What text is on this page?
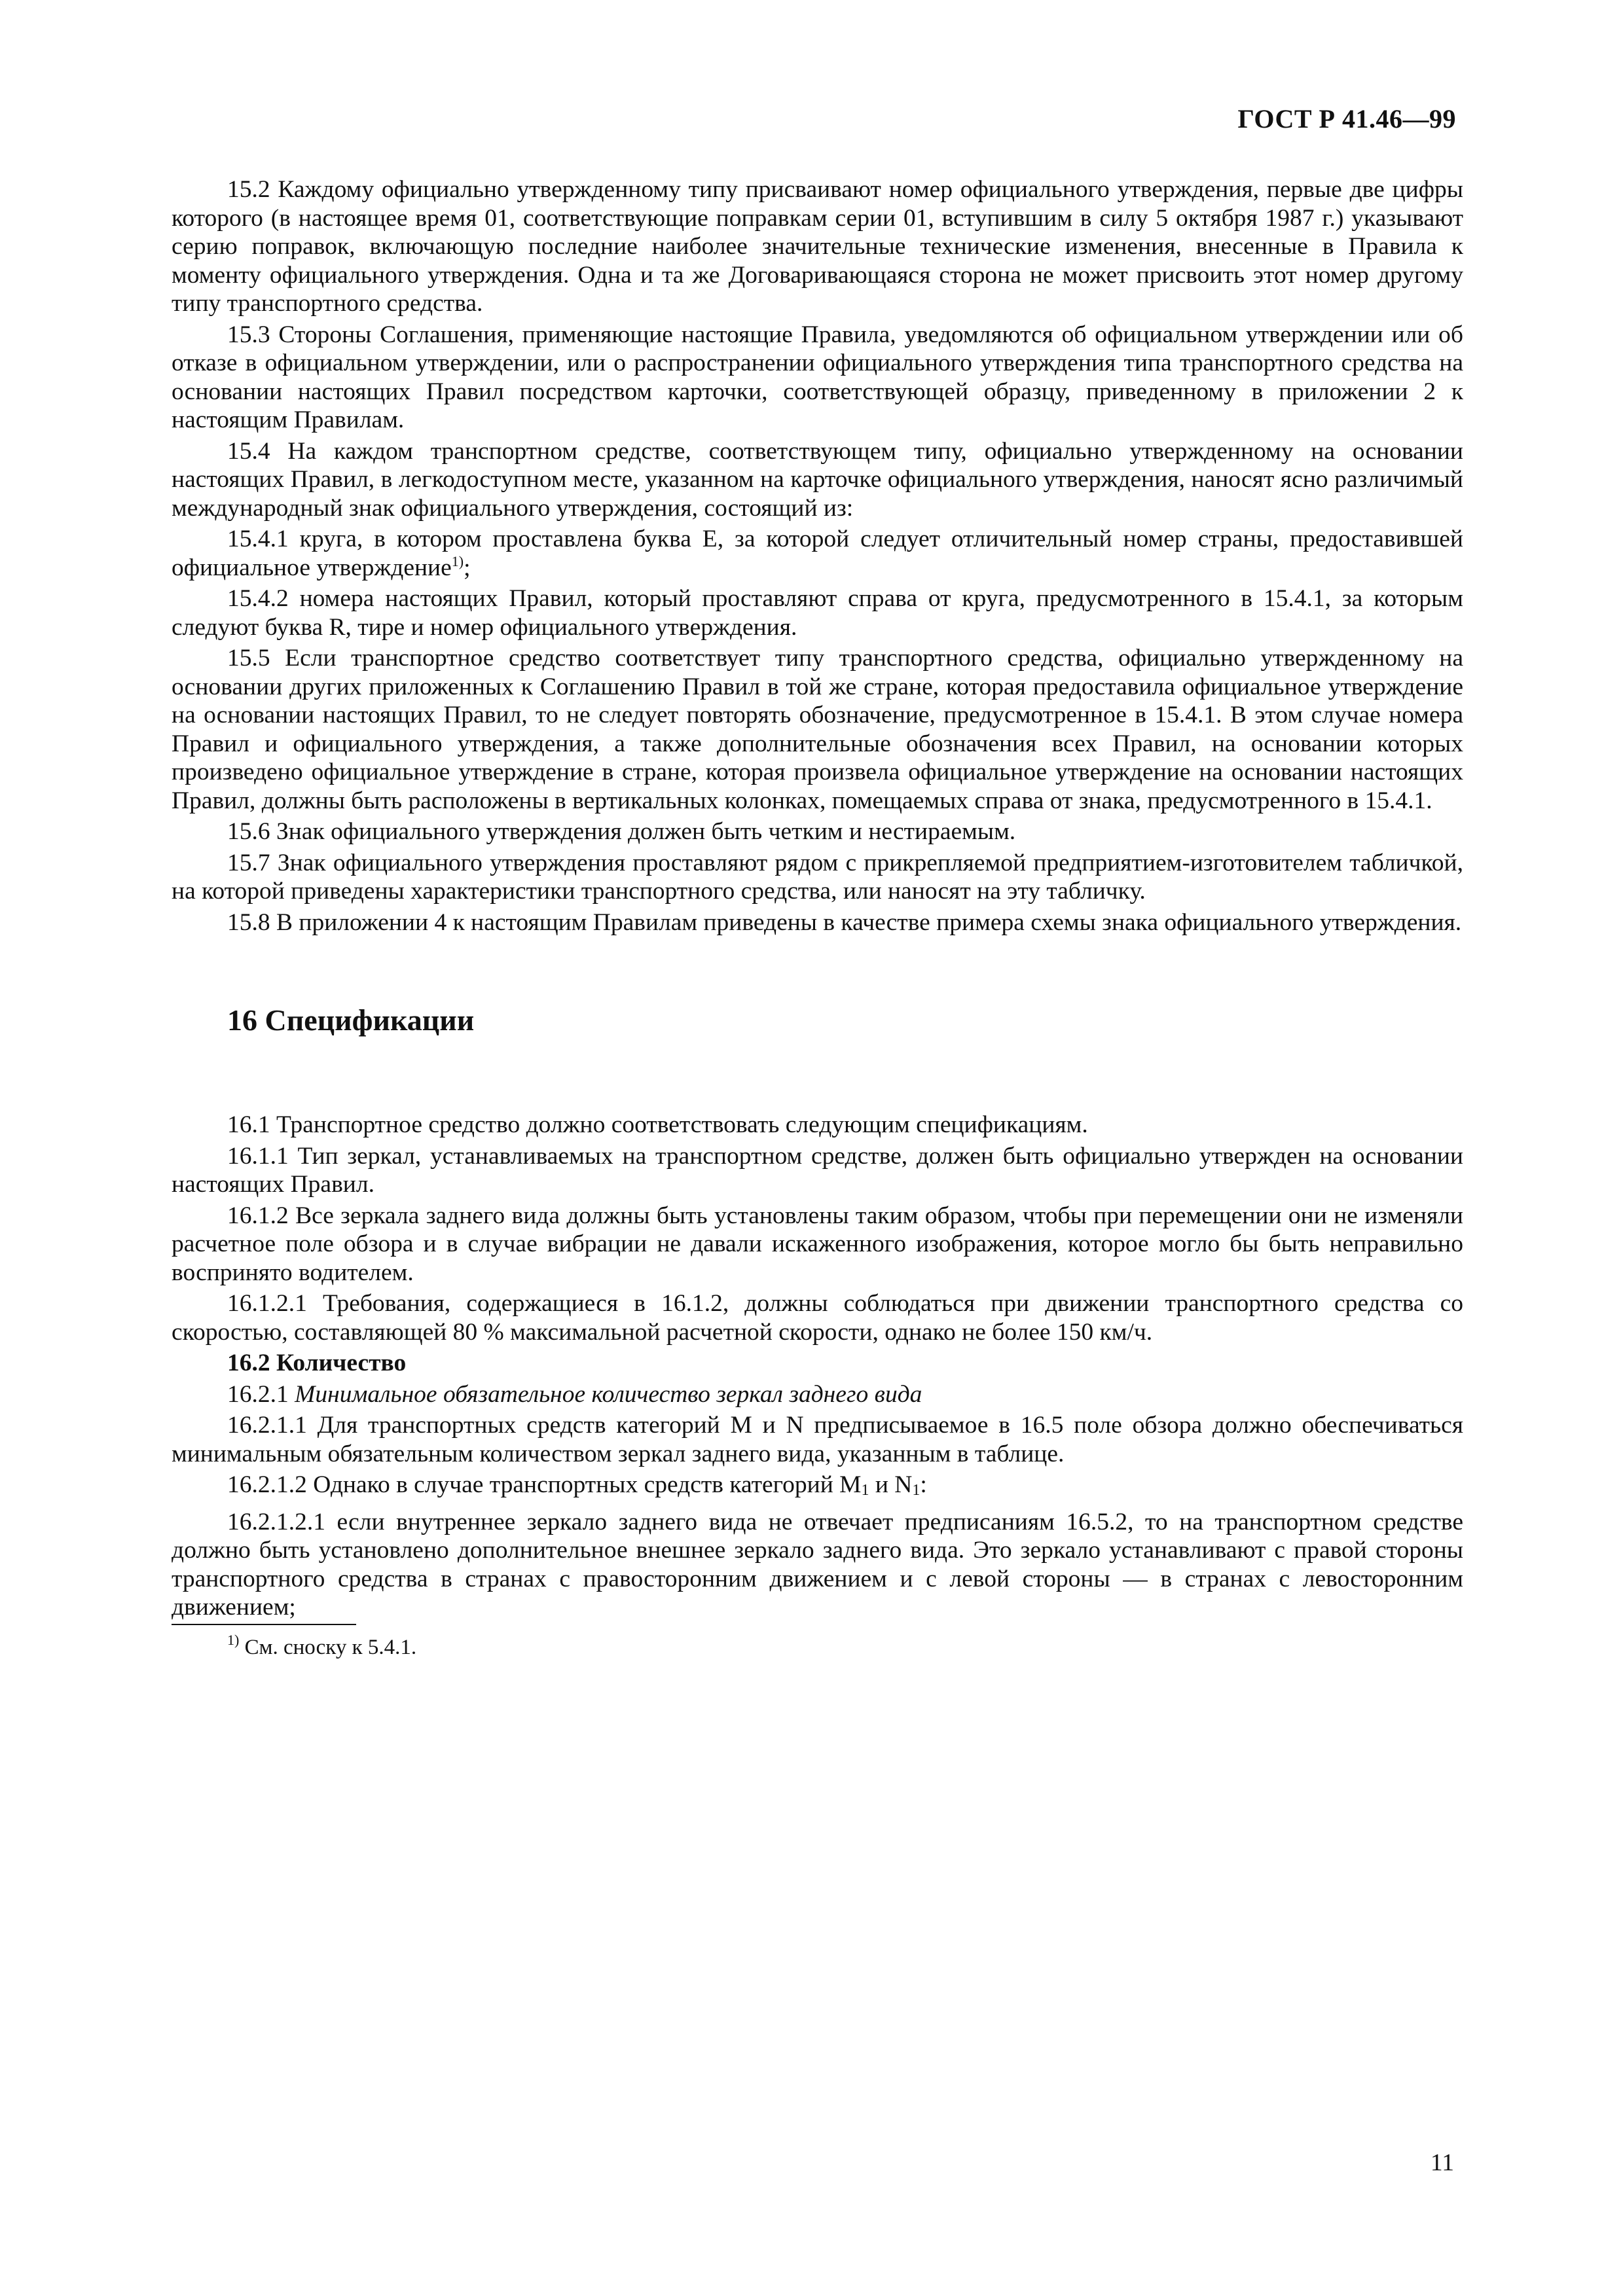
ГОСТ Р 41.46—99

15.2 Каждому официально утвержденному типу присваивают номер официального утверждения, первые две цифры которого (в настоящее время 01, соответствующие поправкам серии 01, вступившим в силу 5 октября 1987 г.) указывают серию поправок, включающую последние наиболее значительные технические изменения, внесенные в Правила к моменту официального утверждения. Одна и та же Договаривающаяся сторона не может присвоить этот номер другому типу транспортного средства.

15.3 Стороны Соглашения, применяющие настоящие Правила, уведомляются об официальном утверждении или об отказе в официальном утверждении, или о распространении официального утверждения типа транспортного средства на основании настоящих Правил посредством карточки, соответствующей образцу, приведенному в приложении 2 к настоящим Правилам.

15.4 На каждом транспортном средстве, соответствующем типу, официально утвержденному на основании настоящих Правил, в легкодоступном месте, указанном на карточке официального утверждения, наносят ясно различимый международный знак официального утверждения, состоящий из:

15.4.1 круга, в котором проставлена буква Е, за которой следует отличительный номер страны, предоставившей официальное утверждение$^{1)}$;

15.4.2 номера настоящих Правил, который проставляют справа от круга, предусмотренного в 15.4.1, за которым следуют буква R, тире и номер официального утверждения.

15.5 Если транспортное средство соответствует типу транспортного средства, официально утвержденному на основании других приложенных к Соглашению Правил в той же стране, которая предоставила официальное утверждение на основании настоящих Правил, то не следует повторять обозначение, предусмотренное в 15.4.1. В этом случае номера Правил и официального утверждения, а также дополнительные обозначения всех Правил, на основании которых произведено официальное утверждение в стране, которая произвела официальное утверждение на основании настоящих Правил, должны быть расположены в вертикальных колонках, помещаемых справа от знака, предусмотренного в 15.4.1.

15.6 Знак официального утверждения должен быть четким и нестираемым.

15.7 Знак официального утверждения проставляют рядом с прикрепляемой предприятием-изготовителем табличкой, на которой приведены характеристики транспортного средства, или наносят на эту табличку.

15.8 В приложении 4 к настоящим Правилам приведены в качестве примера схемы знака официального утверждения.

16 Спецификации

16.1 Транспортное средство должно соответствовать следующим спецификациям.

16.1.1 Тип зеркал, устанавливаемых на транспортном средстве, должен быть официально утвержден на основании настоящих Правил.

16.1.2 Все зеркала заднего вида должны быть установлены таким образом, чтобы при перемещении они не изменяли расчетное поле обзора и в случае вибрации не давали искаженного изображения, которое могло бы быть неправильно воспринято водителем.

16.1.2.1 Требования, содержащиеся в 16.1.2, должны соблюдаться при движении транспортного средства со скоростью, составляющей 80 % максимальной расчетной скорости, однако не более 150 км/ч.

16.2 Количество

16.2.1 Минимальное обязательное количество зеркал заднего вида

16.2.1.1 Для транспортных средств категорий М и N предписываемое в 16.5 поле обзора должно обеспечиваться минимальным обязательным количеством зеркал заднего вида, указанным в таблице.

16.2.1.2 Однако в случае транспортных средств категорий $М_1$ и $N_1$:

16.2.1.2.1 если внутреннее зеркало заднего вида не отвечает предписаниям 16.5.2, то на транспортном средстве должно быть установлено дополнительное внешнее зеркало заднего вида. Это зеркало устанавливают с правой стороны транспортного средства в странах с правосторонним движением и с левой стороны — в странах с левосторонним движением;

$^{1)}$ См. сноску к 5.4.1.

11
